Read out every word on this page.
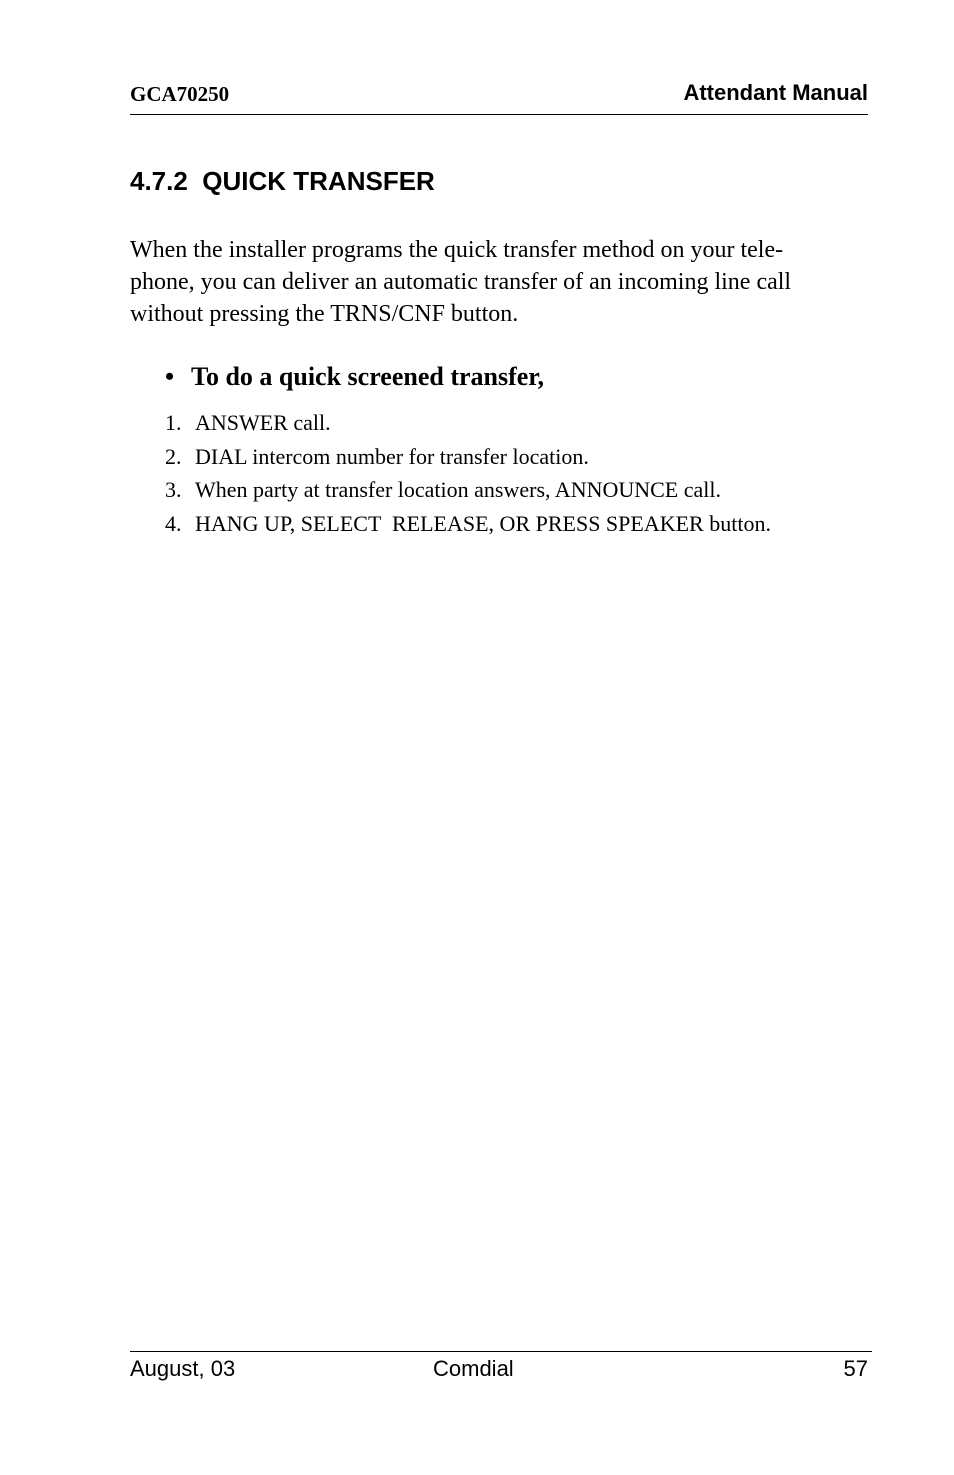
GCA70250	Attendant Manual
4.7.2  QUICK TRANSFER
When the installer programs the quick transfer method on your tele-
phone, you can deliver an automatic transfer of an incoming line call
without pressing the TRNS/CNF button.
• To do a quick screened transfer,
1. ANSWER call.
2. DIAL intercom number for transfer location.
3. When party at transfer location answers, ANNOUNCE call.
4. HANG UP, SELECT  RELEASE, OR PRESS SPEAKER button.
August, 03	Comdial	57
